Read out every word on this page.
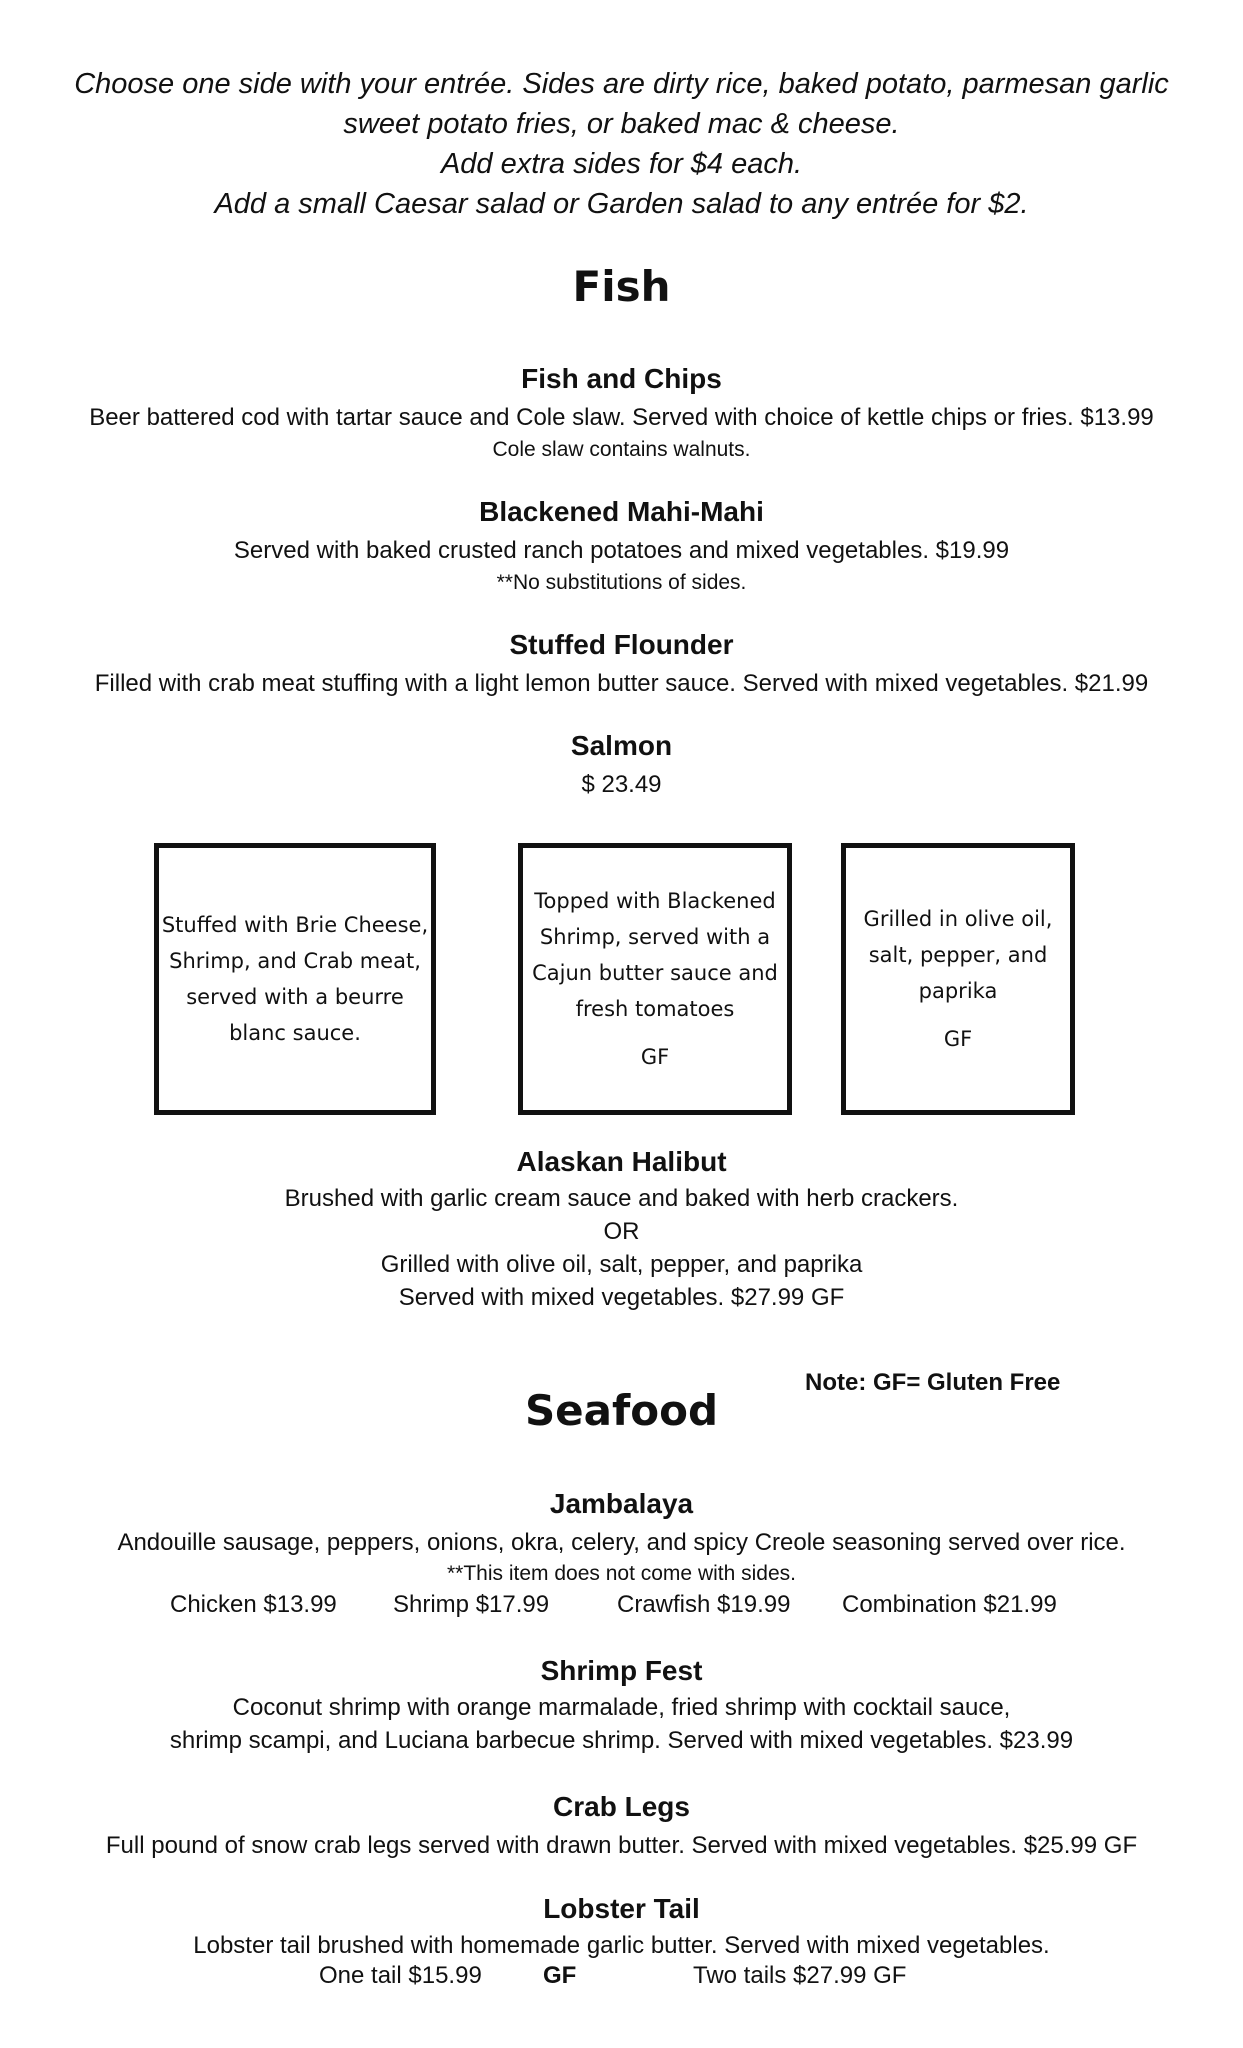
Choose one side with your entrée. Sides are dirty rice, baked potato, parmesan garlic
sweet potato fries, or baked mac & cheese.
Add extra sides for $4 each.
Add a small Caesar salad or Garden salad to any entrée for $2.
Fish
Fish and Chips
Beer battered cod with tartar sauce and Cole slaw. Served with choice of kettle chips or fries. $13.99
Cole slaw contains walnuts.
Blackened Mahi-Mahi
Served with baked crusted ranch potatoes and mixed vegetables. $19.99
**No substitutions of sides.
Stuffed Flounder
Filled with crab meat stuffing with a light lemon butter sauce. Served with mixed vegetables. $21.99
Salmon
$ 23.49
Stuffed with Brie Cheese,
Shrimp, and Crab meat,
served with a beurre
blanc sauce.
Topped with Blackened
Shrimp, served with a
Cajun butter sauce and
fresh tomatoes
GF
Grilled in olive oil,
salt, pepper, and
paprika
GF
Alaskan Halibut
Brushed with garlic cream sauce and baked with herb crackers.
OR
Grilled with olive oil, salt, pepper, and paprika
Served with mixed vegetables. $27.99 GF
Note: GF= Gluten Free
Seafood
Jambalaya
Andouille sausage, peppers, onions, okra, celery, and spicy Creole seasoning served over rice.
**This item does not come with sides.
Chicken $13.99 Shrimp $17.99	Crawfish $19.99 Combination $21.99
Shrimp Fest
Coconut shrimp with orange marmalade, fried shrimp with cocktail sauce,
shrimp scampi, and Luciana barbecue shrimp. Served with mixed vegetables. $23.99
Crab Legs
Full pound of snow crab legs served with drawn butter. Served with mixed vegetables. $25.99 GF
Lobster Tail
Lobster tail brushed with homemade garlic butter. Served with mixed vegetables.
One tail $15.99	GF	Two tails $27.99 GF
